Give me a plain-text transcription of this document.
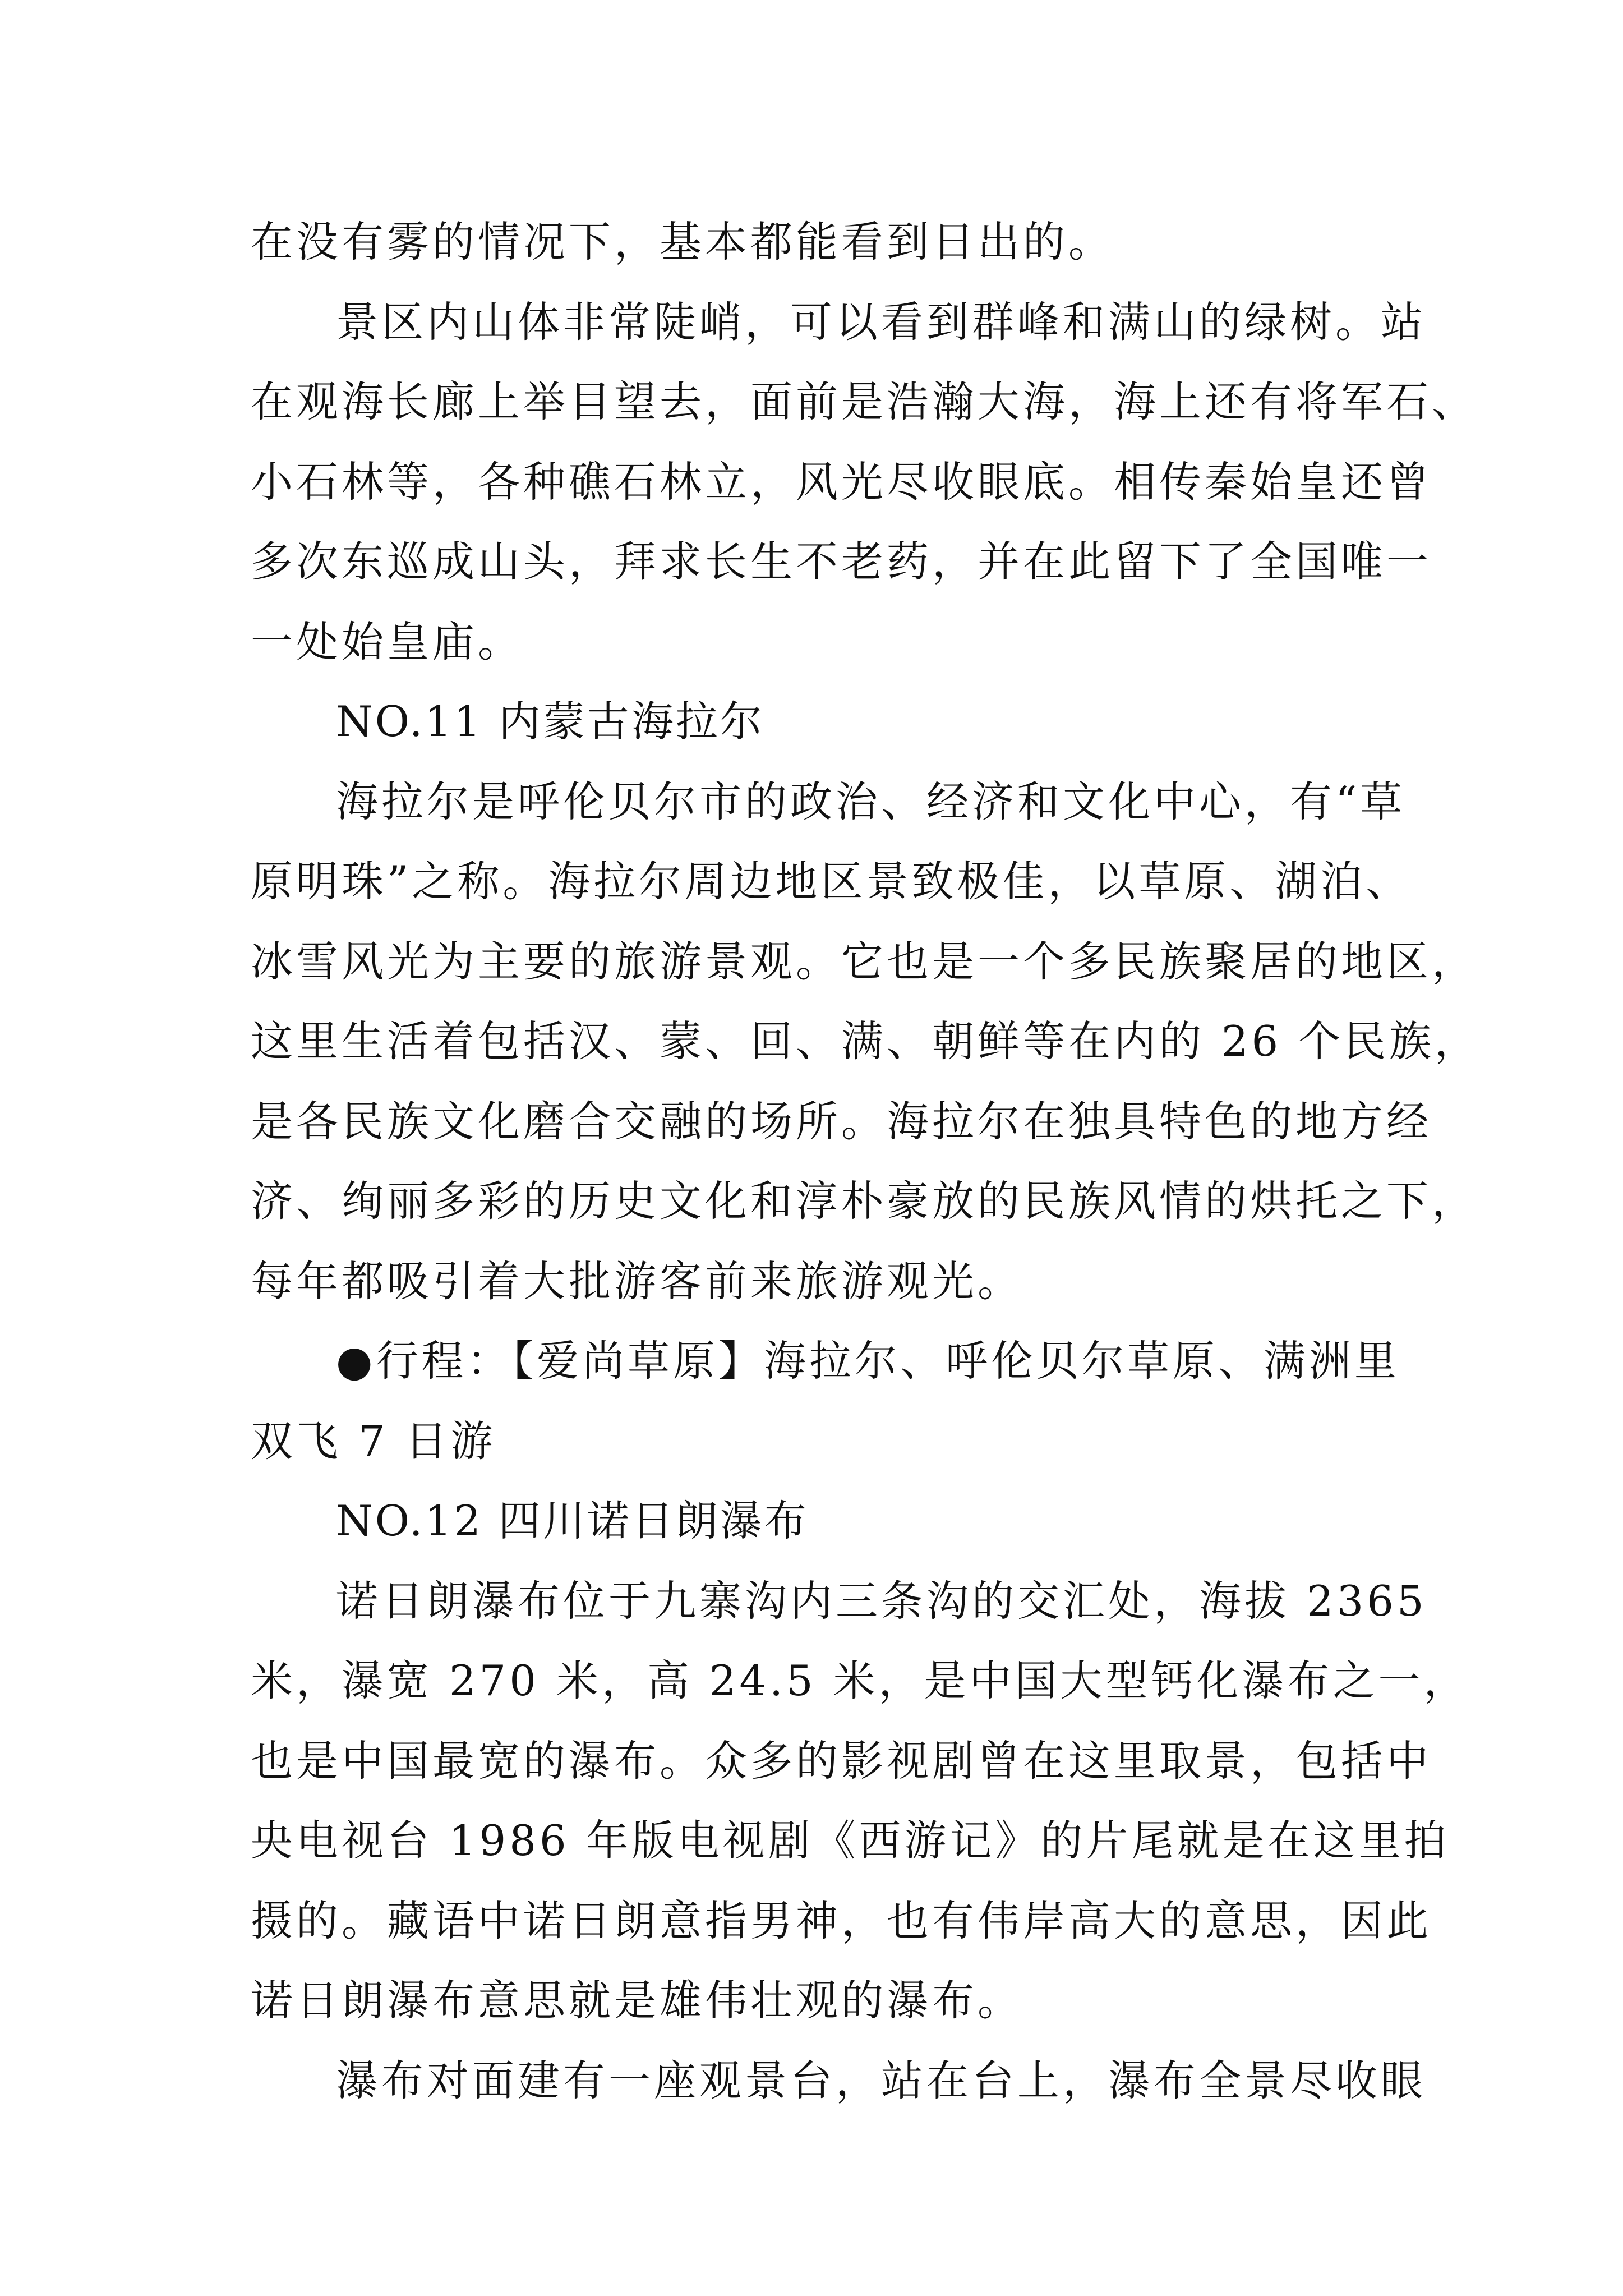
在没有雾的情况下，基本都能看到日出的。
景区内山体非常陡峭，可以看到群峰和满山的绿树。站
在观海长廊上举目望去，面前是浩瀚大海，海上还有将军石、
小石林等，各种礁石林立，风光尽收眼底。相传秦始皇还曾
多次东巡成山头，拜求长生不老药，并在此留下了全国唯一
一处始皇庙。
NO.11 内蒙古海拉尔
海拉尔是呼伦贝尔市的政治、经济和文化中心，有“草
原明珠”之称。海拉尔周边地区景致极佳，以草原、湖泊、
冰雪风光为主要的旅游景观。它也是一个多民族聚居的地区，
这里生活着包括汉、蒙、回、满、朝鲜等在内的 26 个民族，
是各民族文化磨合交融的场所。海拉尔在独具特色的地方经
济、绚丽多彩的历史文化和淳朴豪放的民族风情的烘托之下，
每年都吸引着大批游客前来旅游观光。
●行程：【爱尚草原】海拉尔、呼伦贝尔草原、满洲里
双飞 7 日游
NO.12 四川诺日朗瀑布
诺日朗瀑布位于九寨沟内三条沟的交汇处，海拔 2365
米，瀑宽 270 米，高 24.5 米，是中国大型钙化瀑布之一，
也是中国最宽的瀑布。众多的影视剧曾在这里取景，包括中
央电视台 1986 年版电视剧《西游记》的片尾就是在这里拍
摄的。藏语中诺日朗意指男神，也有伟岸高大的意思，因此
诺日朗瀑布意思就是雄伟壮观的瀑布。
瀑布对面建有一座观景台，站在台上，瀑布全景尽收眼
